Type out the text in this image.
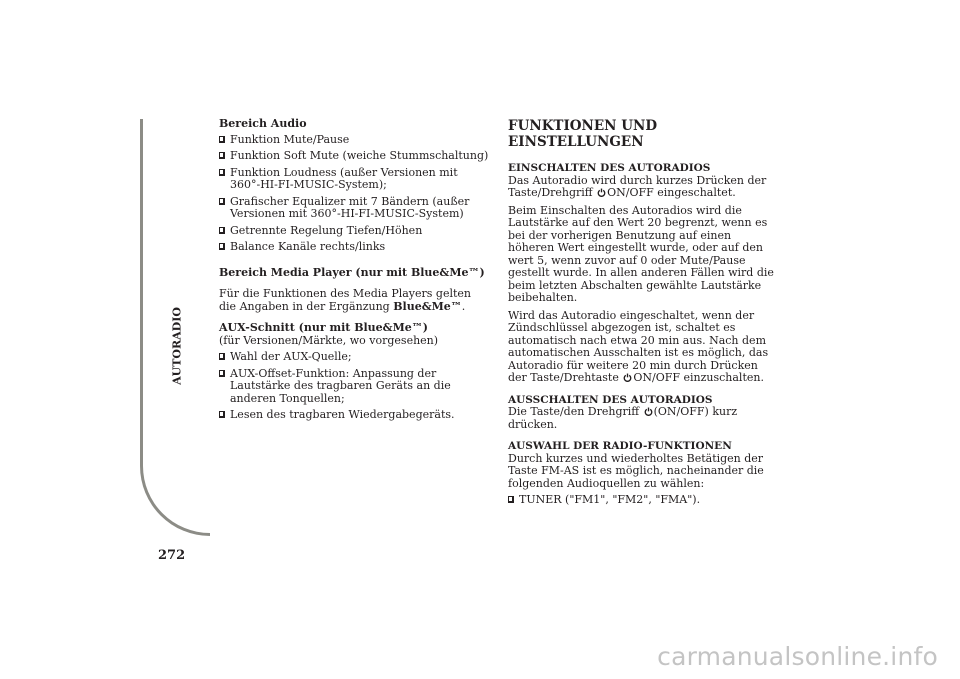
AUTORADIO
272

Bereich Audio

Funktion Mute/Pause
Funktion Soft Mute (weiche Stummschaltung)
Funktion Loudness (außer Versionen mit 360°-HI-FI-MUSIC-System);
Grafischer Equalizer mit 7 Bändern (außer Versionen mit 360°-HI-FI-MUSIC-System)
Getrennte Regelung Tiefen/Höhen
Balance Kanäle rechts/links

Bereich Media Player (nur mit Blue&Me™)

Für die Funktionen des Media Players gelten die Angaben in der Ergänzung Blue&Me™.

AUX-Schnitt (nur mit Blue&Me™)

(für Versionen/Märkte, wo vorgesehen)

Wahl der AUX-Quelle;
AUX-Offset-Funktion: Anpassung der Lautstärke des tragbaren Geräts an die anderen Tonquellen;
Lesen des tragbaren Wiedergabegeräts.
FUNKTIONEN UND EINSTELLUNGEN

EINSCHALTEN DES AUTORADIOS

Das Autoradio wird durch kurzes Drücken der Taste/Drehgriff ON/OFF eingeschaltet.

Beim Einschalten des Autoradios wird die Lautstärke auf den Wert 20 begrenzt, wenn es bei der vorherigen Benutzung auf einen höheren Wert eingestellt wurde, oder auf den wert 5, wenn zuvor auf 0 oder Mute/Pause gestellt wurde. In allen anderen Fällen wird die beim letzten Abschalten gewählte Lautstärke beibehalten.

Wird das Autoradio eingeschaltet, wenn der Zündschlüssel abgezogen ist, schaltet es automatisch nach etwa 20 min aus. Nach dem automatischen Ausschalten ist es möglich, das Autoradio für weitere 20 min durch Drücken der Taste/Drehtaste ON/OFF einzuschalten.

AUSSCHALTEN DES AUTORADIOS

Die Taste/den Drehgriff (ON/OFF) kurz drücken.

AUSWAHL DER RADIO-FUNKTIONEN

Durch kurzes und wiederholtes Betätigen der Taste FM-AS ist es möglich, nacheinander die folgenden Audioquellen zu wählen:

TUNER ("FM1", "FM2", "FMA").
carmanualsonline.info
